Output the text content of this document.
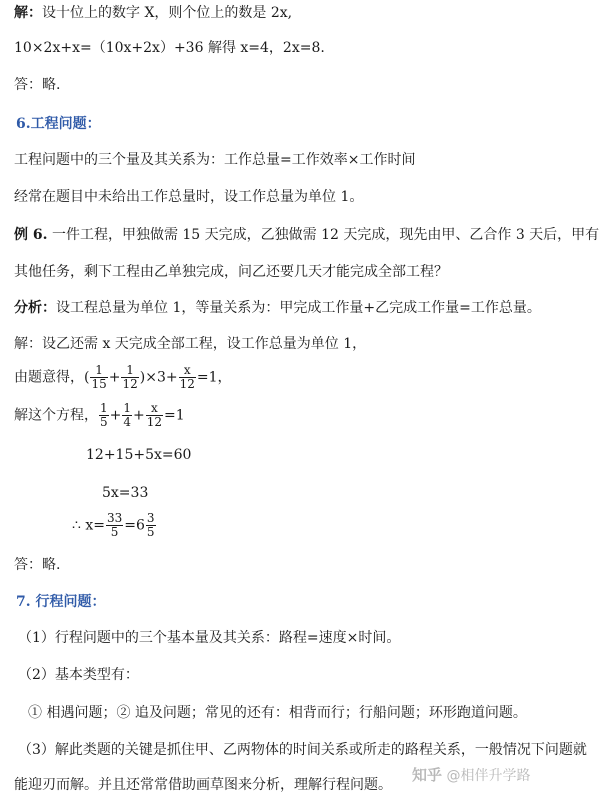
解：设十位上的数字 X，则个位上的数是 2x,
10×2x+x=（10x+2x）+36 解得 x=4，2x=8.
答：略.
6.工程问题：
工程问题中的三个量及其关系为：工作总量=工作效率×工作时间
经常在题目中未给出工作总量时，设工作总量为单位 1。
例 6. 一件工程，甲独做需 15 天完成，乙独做需 12 天完成，现先由甲、乙合作 3 天后，甲有
其他任务，剩下工程由乙单独完成，问乙还要几天才能完成全部工程？
分析：设工程总量为单位 1，等量关系为：甲完成工作量+乙完成工作量=工作总量。
解：设乙还需 x 天完成全部工程，设工作总量为单位 1，
由题意得，( $\frac{1}{15} + \frac{1}{12} )\times 3+ \frac{x}{12} =1$，
解这个方程， $\frac{1}{5} + \frac{1}{4} + \frac{x}{12} =1$
12+15+5x=60
5x=33
∴ $x= \frac{33}{5} =6 \frac{3}{5}$
答：略.
7. 行程问题：
（1）行程问题中的三个基本量及其关系：路程=速度×时间。
（2）基本类型有：
① 相遇问题；② 追及问题；常见的还有：相背而行；行船问题；环形跑道问题。
（3）解此类题的关键是抓住甲、乙两物体的时间关系或所走的路程关系，一般情况下问题就
能迎刃而解。并且还常常借助画草图来分析，理解行程问题。
知乎 @相伴升学路
